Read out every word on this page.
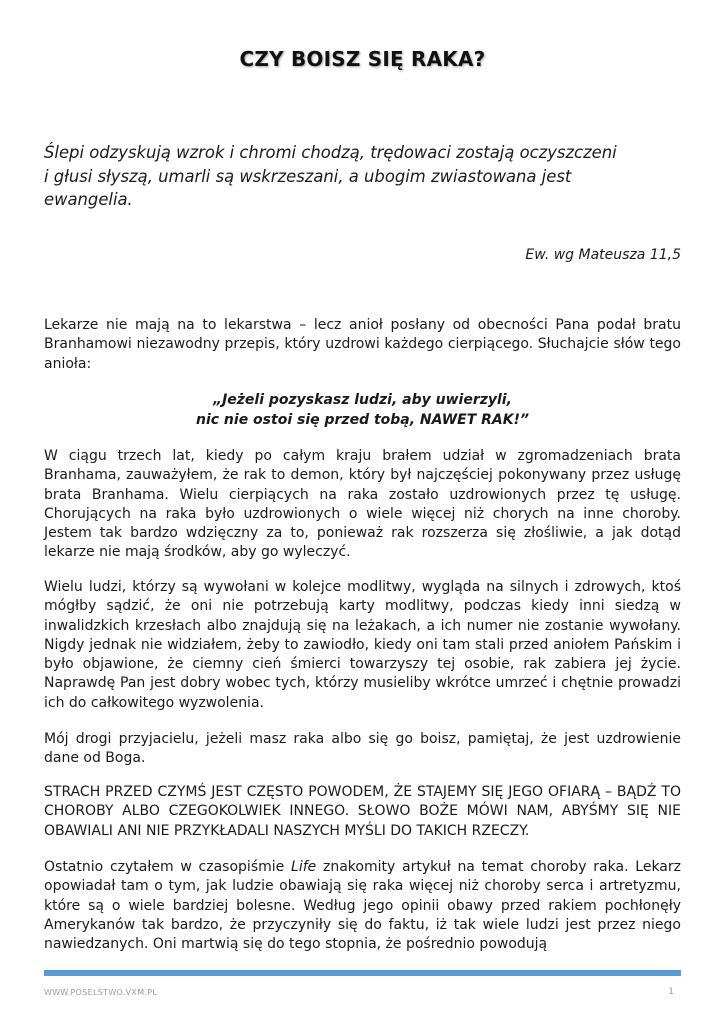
CZY BOISZ SIĘ RAKA?

Ślepi odzyskują wzrok i chromi chodzą, trędowaci zostają oczyszczeni
i głusi słyszą, umarli są wskrzeszani, a ubogim zwiastowana jest
ewangelia.

Ew. wg Mateusza 11,5

Lekarze nie mają na to lekarstwa – lecz anioł posłany od obecności Pana podał bratu Branhamowi niezawodny przepis, który uzdrowi każdego cierpiącego. Słuchajcie słów tego anioła:

„Jeżeli pozyskasz ludzi, aby uwierzyli,
nic nie ostoi się przed tobą, NAWET RAK!”

W ciągu trzech lat, kiedy po całym kraju brałem udział w zgromadzeniach brata Branhama, zauważyłem, że rak to demon, który był najczęściej pokonywany przez usługę brata Branhama. Wielu cierpiących na raka zostało uzdrowionych przez tę usługę. Chorujących na raka było uzdrowionych o wiele więcej niż chorych na inne choroby. Jestem tak bardzo wdzięczny za to, ponieważ rak rozszerza się złośliwie, a jak dotąd lekarze nie mają środków, aby go wyleczyć.

Wielu ludzi, którzy są wywołani w kolejce modlitwy, wygląda na silnych i zdrowych, ktoś mógłby sądzić, że oni nie potrzebują karty modlitwy, podczas kiedy inni siedzą w inwalidzkich krzesłach albo znajdują się na leżakach, a ich numer nie zostanie wywołany. Nigdy jednak nie widziałem, żeby to zawiodło, kiedy oni tam stali przed aniołem Pańskim i było objawione, że ciemny cień śmierci towarzyszy tej osobie, rak zabiera jej życie. Naprawdę Pan jest dobry wobec tych, którzy musieliby wkrótce umrzeć i chętnie prowadzi ich do całkowitego wyzwolenia.

Mój drogi przyjacielu, jeżeli masz raka albo się go boisz, pamiętaj, że jest uzdrowienie dane od Boga.

STRACH PRZED CZYMŚ JEST CZĘSTO POWODEM, ŻE STAJEMY SIĘ JEGO OFIARĄ – BĄDŹ TO CHOROBY ALBO CZEGOKOLWIEK INNEGO. SŁOWO BOŻE MÓWI NAM, ABYŚMY SIĘ NIE OBAWIALI ANI NIE PRZYKŁADALI NASZYCH MYŚLI DO TAKICH RZECZY.

Ostatnio czytałem w czasopiśmie Life znakomity artykuł na temat choroby raka. Lekarz opowiadał tam o tym, jak ludzie obawiają się raka więcej niż choroby serca i artretyzmu, które są o wiele bardziej bolesne. Według jego opinii obawy przed rakiem pochłonęły Amerykanów tak bardzo, że przyczyniły się do faktu, iż tak wiele ludzi jest przez niego nawiedzanych. Oni martwią się do tego stopnia, że pośrednio powodują

WWW.POSELSTWO.VXM.PL	1
